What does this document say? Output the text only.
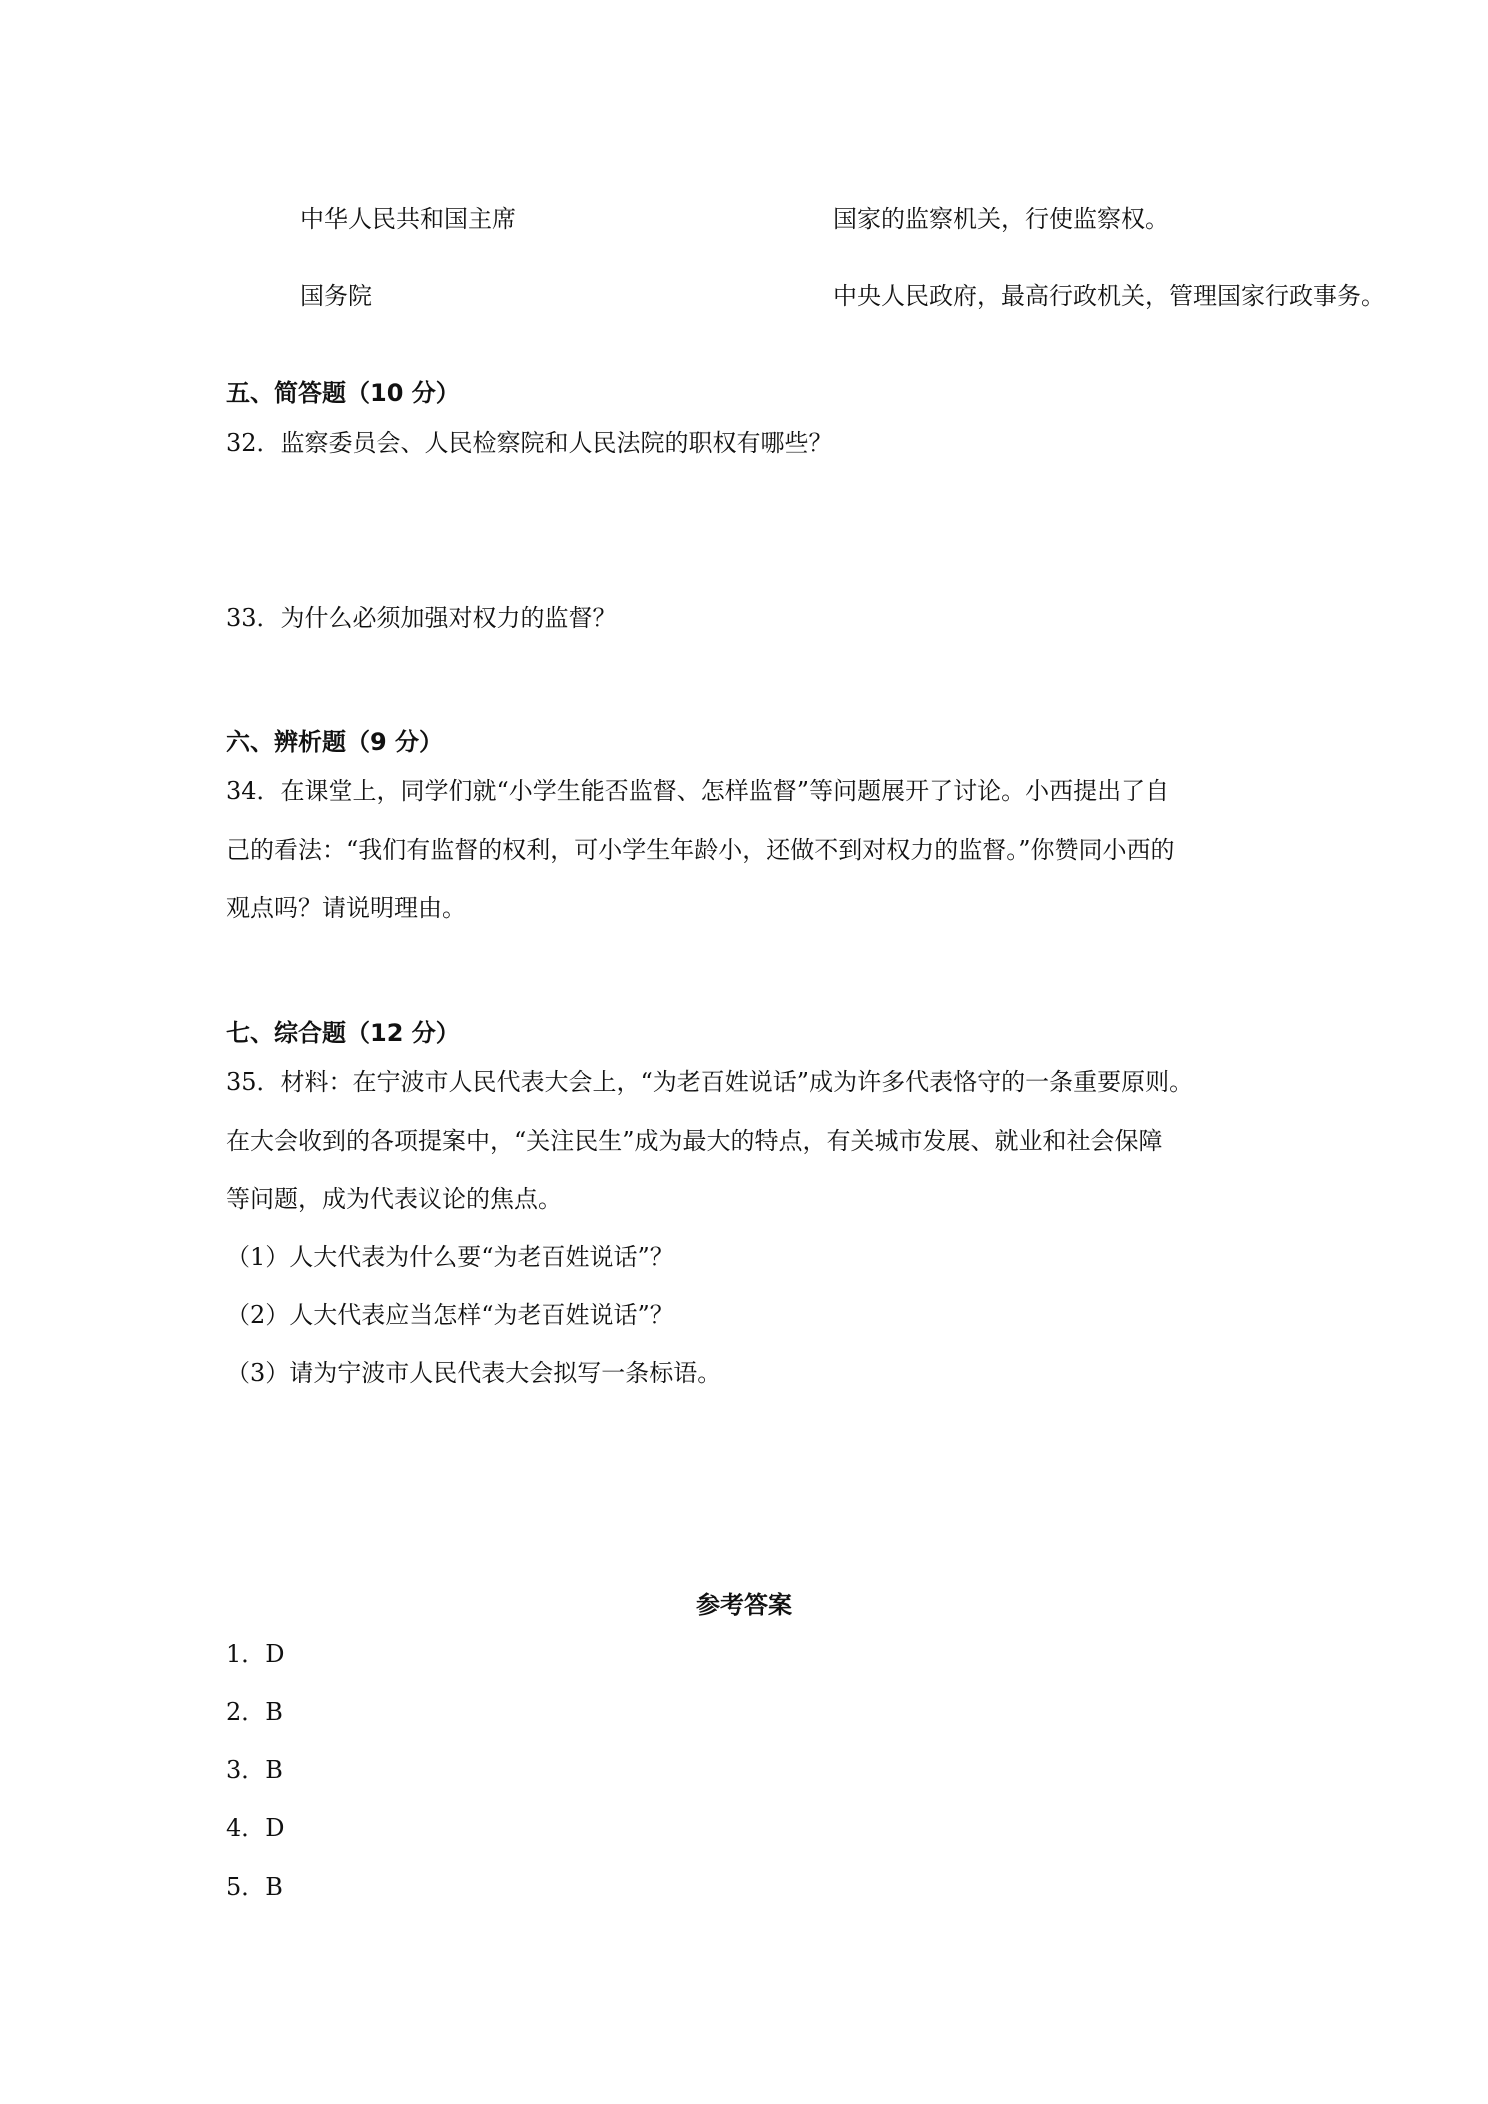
中华人民共和国主席	国家的监察机关，行使监察权。
国务院	中央人民政府，最高行政机关，管理国家行政事务。
五、简答题（10 分）
32．监察委员会、人民检察院和人民法院的职权有哪些？
33．为什么必须加强对权力的监督？
六、辨析题（9 分）
34．在课堂上，同学们就“小学生能否监督、怎样监督”等问题展开了讨论。小西提出了自
己的看法：“我们有监督的权利，可小学生年龄小，还做不到对权力的监督。”你赞同小西的
观点吗？请说明理由。
七、综合题（12 分）
35．材料：在宁波市人民代表大会上，“为老百姓说话”成为许多代表恪守的一条重要原则。
在大会收到的各项提案中，“关注民生”成为最大的特点，有关城市发展、就业和社会保障
等问题，成为代表议论的焦点。
（1）人大代表为什么要“为老百姓说话”？
（2）人大代表应当怎样“为老百姓说话”？
（3）请为宁波市人民代表大会拟写一条标语。
参考答案
1．D
2．B
3．B
4．D
5．B
